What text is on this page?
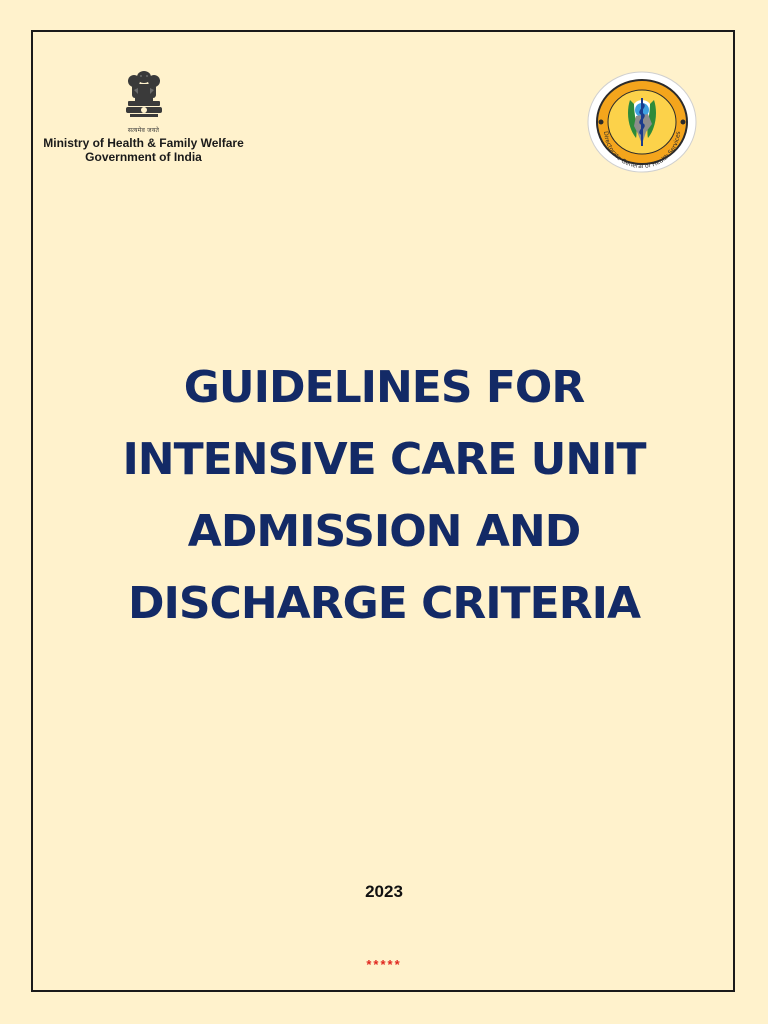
सत्यमेव जयते
Ministry of Health & Family Welfare
Government of India
Directorate General of Health Services
GUIDELINES FOR
INTENSIVE CARE UNIT
ADMISSION AND
DISCHARGE CRITERIA
2023
*****
